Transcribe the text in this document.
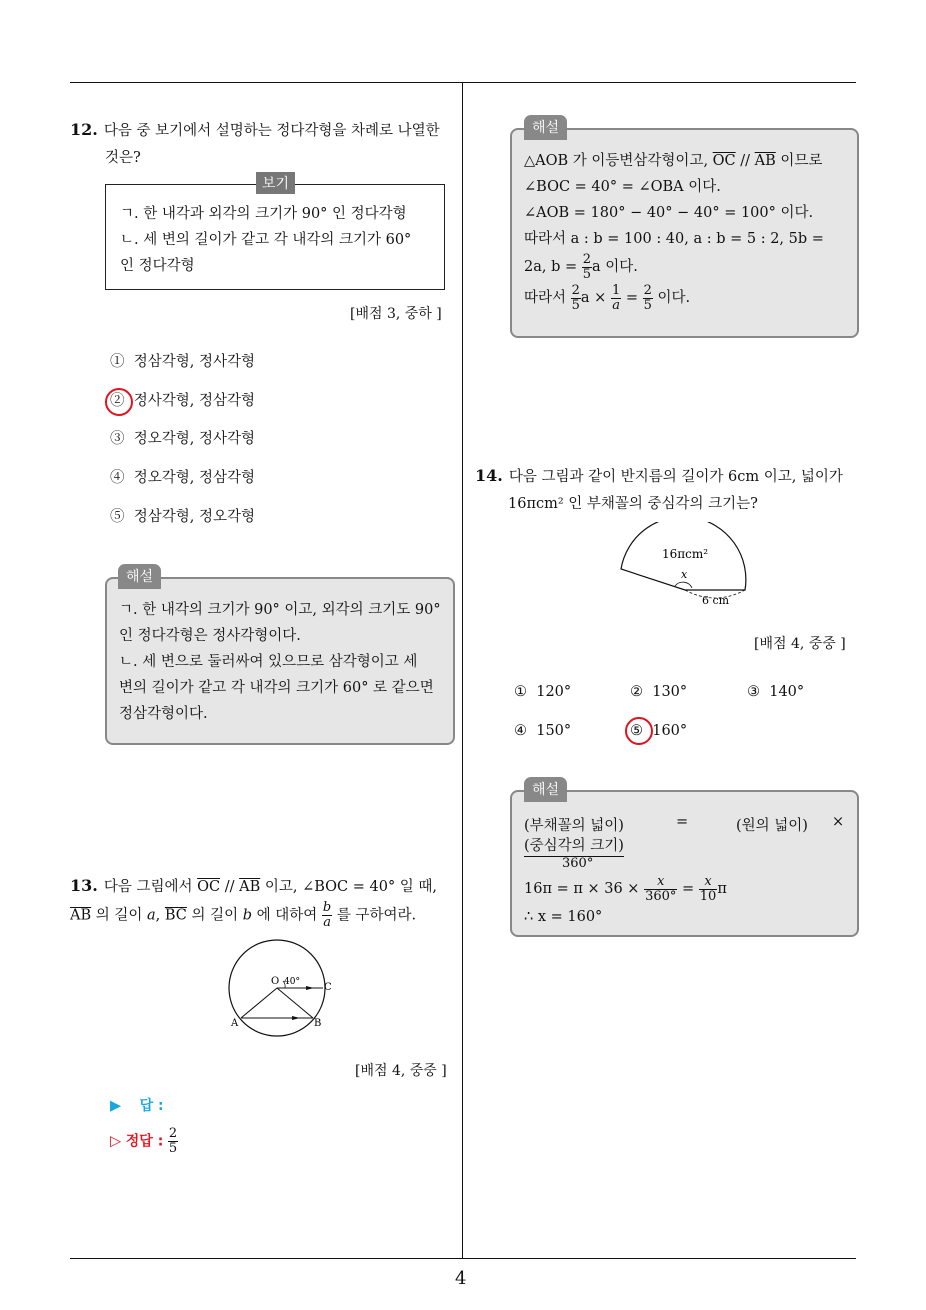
4
12. 다음 중 보기에서 설명하는 정다각형을 차례로 나열한
것은?
ㄱ. 한 내각과 외각의 크기가 90° 인 정다각형
ㄴ. 세 변의 길이가 같고 각 내각의 크기가 60°
인 정다각형
보기
[배점 3, 중하 ]
① 정삼각형, 정사각형
② 정사각형, 정삼각형
③ 정오각형, 정사각형
④ 정오각형, 정삼각형
⑤ 정삼각형, 정오각형
ㄱ. 한 내각의 크기가 90° 이고, 외각의 크기도 90°
인 정다각형은 정사각형이다.
ㄴ. 세 변으로 둘러싸여 있으므로 삼각형이고 세
변의 길이가 같고 각 내각의 크기가 60° 로 같으면
정삼각형이다.
해설
13. 다음 그림에서 $\overline{OC} // \overline{AB}$ 이고, ∠BOC = 40° 일 때,
$\overline{AB}$ 의 길이 a, $\overline{BC}$ 의 길이 b 에 대하여 $\frac{b}{a}$ 를 구하여라.
O 40° C
A	B
[배점 4, 중중 ]
▶ 답 :
▷ 정답 : $\frac{2}{5}$
△AOB 가 이등변삼각형이고, $\overline{OC} // \overline{AB}$ 이므로
∠BOC = 40° = ∠OBA 이다.
∠AOB = 180° − 40° − 40° = 100° 이다.
따라서 a : b = 100 : 40, a : b = 5 : 2, 5b =
2a, $b = \frac{2}{5}$ a 이다.
따라서 $\frac{2}{5}$ $a \times \frac{1}{a} = \frac{2}{5}$ 이다.
해설
14. 다음 그림과 같이 반지름의 길이가 6cm 이고, 넓이가
16πcm² 인 부채꼴의 중심각의 크기는?
16πcm²
x
6 cm
[배점 4, 중중 ]
① 120°	② 130°	③ 140°
④ 150°	⑤ 160°
(부채꼴의 넓이)	=	(원의 넓이) ×
(중심각의 크기)
360°
$16\pi = \pi \times 36 \times \frac{x}{360^\circ} = \frac{x}{10}$ π
∴ x = 160°
해설
